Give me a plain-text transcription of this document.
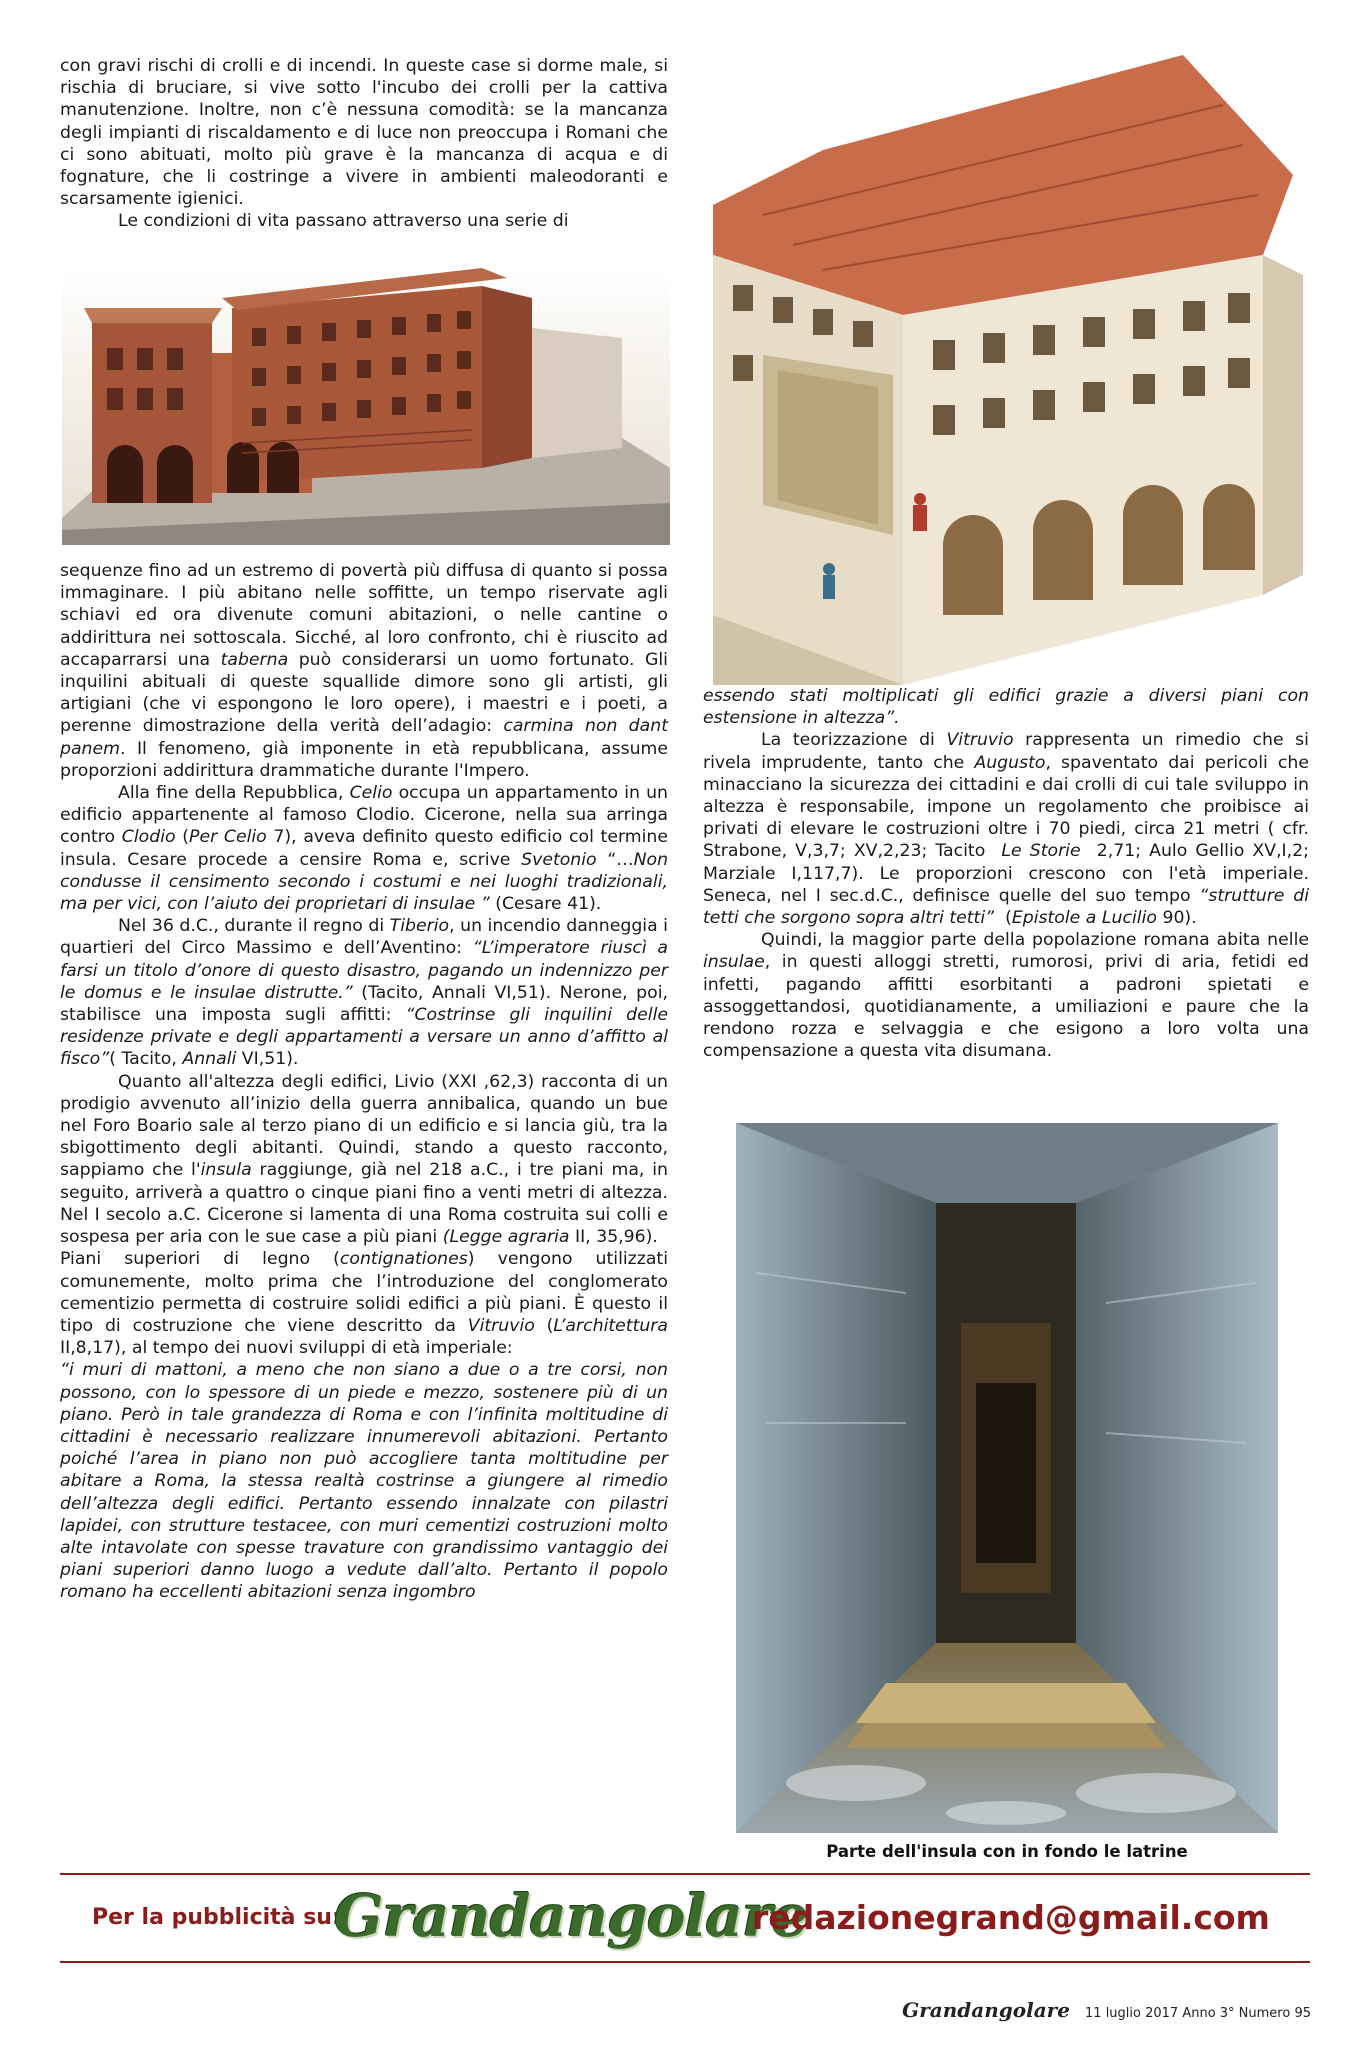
con gravi rischi di crolli e di incendi. In queste case si dorme male, si rischia di bruciare, si vive sotto l'incubo dei crolli per la cattiva manutenzione. Inoltre, non c’è nessuna comodità: se la mancanza degli impianti di riscaldamento e di luce non preoccupa i Romani che ci sono abituati, molto più grave è la mancanza di acqua e di fognature, che li costringe a vivere in ambienti maleodoranti e scarsamente igienici.

Le condizioni di vita passano attraverso una serie di

sequenze fino ad un estremo di povertà più diffusa di quanto si possa immaginare. I più abitano nelle soffitte, un tempo riservate agli schiavi ed ora divenute comuni abitazioni, o nelle cantine o addirittura nei sottoscala. Sicché, al loro confronto, chi è riuscito ad accaparrarsi una taberna può considerarsi un uomo fortunato. Gli inquilini abituali di queste squallide dimore sono gli artisti, gli artigiani (che vi espongono le loro opere), i maestri e i poeti, a perenne dimostrazione della verità dell’adagio: carmina non dant panem. Il fenomeno, già imponente in età repubblicana, assume proporzioni addirittura drammatiche durante l'Impero.

Alla fine della Repubblica, Celio occupa un appartamento in un edificio appartenente al famoso Clodio. Cicerone, nella sua arringa contro Clodio (Per Celio 7), aveva definito questo edificio col termine insula. Cesare procede a censire Roma e, scrive Svetonio “…Non condusse il censimento secondo i costumi e nei luoghi tradizionali, ma per vici, con l’aiuto dei proprietari di insulae ” (Cesare 41).

Nel 36 d.C., durante il regno di Tiberio, un incendio danneggia i quartieri del Circo Massimo e dell’Aventino: “L’imperatore riuscì a farsi un titolo d’onore di questo disastro, pagando un indennizzo per le domus e le insulae distrutte.” (Tacito, Annali VI,51). Nerone, poi, stabilisce una imposta sugli affitti: “Costrinse gli inquilini delle residenze private e degli appartamenti a versare un anno d’affitto al fisco”( Tacito, Annali VI,51).

Quanto all'altezza degli edifici, Livio (XXI ,62,3) racconta di un prodigio avvenuto all’inizio della guerra annibalica, quando un bue nel Foro Boario sale al terzo piano di un edificio e si lancia giù, tra la sbigottimento degli abitanti. Quindi, stando a questo racconto, sappiamo che l'insula raggiunge, già nel 218 a.C., i tre piani ma, in seguito, arriverà a quattro o cinque piani fino a venti metri di altezza. Nel I secolo a.C. Cicerone si lamenta di una Roma costruita sui colli e sospesa per aria con le sue case a più piani (Legge agraria II, 35,96).

Piani superiori di legno (contignationes) vengono utilizzati comunemente, molto prima che l’introduzione del conglomerato cementizio permetta di costruire solidi edifici a più piani. È questo il tipo di costruzione che viene descritto da Vitruvio (L’architettura II,8,17), al tempo dei nuovi sviluppi di età imperiale:

“i muri di mattoni, a meno che non siano a due o a tre corsi, non possono, con lo spessore di un piede e mezzo, sostenere più di un piano. Però in tale grandezza di Roma e con l’infinita moltitudine di cittadini è necessario realizzare innumerevoli abitazioni. Pertanto poiché l’area in piano non può accogliere tanta moltitudine per abitare a Roma, la stessa realtà costrinse a giungere al rimedio dell’altezza degli edifici. Pertanto essendo innalzate con pilastri lapidei, con strutture testacee, con muri cementizi costruzioni molto alte intavolate con spesse travature con grandissimo vantaggio dei piani superiori danno luogo a vedute dall’alto. Pertanto il popolo romano ha eccellenti abitazioni senza ingombro

essendo stati moltiplicati gli edifici grazie a diversi piani con estensione in altezza”.

La teorizzazione di Vitruvio rappresenta un rimedio che si rivela imprudente, tanto che Augusto, spaventato dai pericoli che minacciano la sicurezza dei cittadini e dai crolli di cui tale sviluppo in altezza è responsabile, impone un regolamento che proibisce ai privati di elevare le costruzioni oltre i 70 piedi, circa 21 metri ( cfr. Strabone, V,3,7; XV,2,23; Tacito  Le Storie  2,71; Aulo Gellio XV,I,2; Marziale I,117,7). Le proporzioni crescono con l'età imperiale. Seneca, nel I sec.d.C., definisce quelle del suo tempo “strutture di tetti che sorgono sopra altri tetti”  (Epistole a Lucilio 90).

Quindi, la maggior parte della popolazione romana abita nelle insulae, in questi alloggi stretti, rumorosi, privi di aria, fetidi ed infetti, pagando affitti esorbitanti a padroni spietati e assoggettandosi, quotidianamente, a umiliazioni e paure che la rendono rozza e selvaggia e che esigono a loro volta una compensazione a questa vita disumana.

Parte dell'insula con in fondo le latrine
Per la pubblicità su:
Grandangolare
redazionegrand@gmail.com
Grandangolare 11 luglio 2017 Anno 3° Numero 95
